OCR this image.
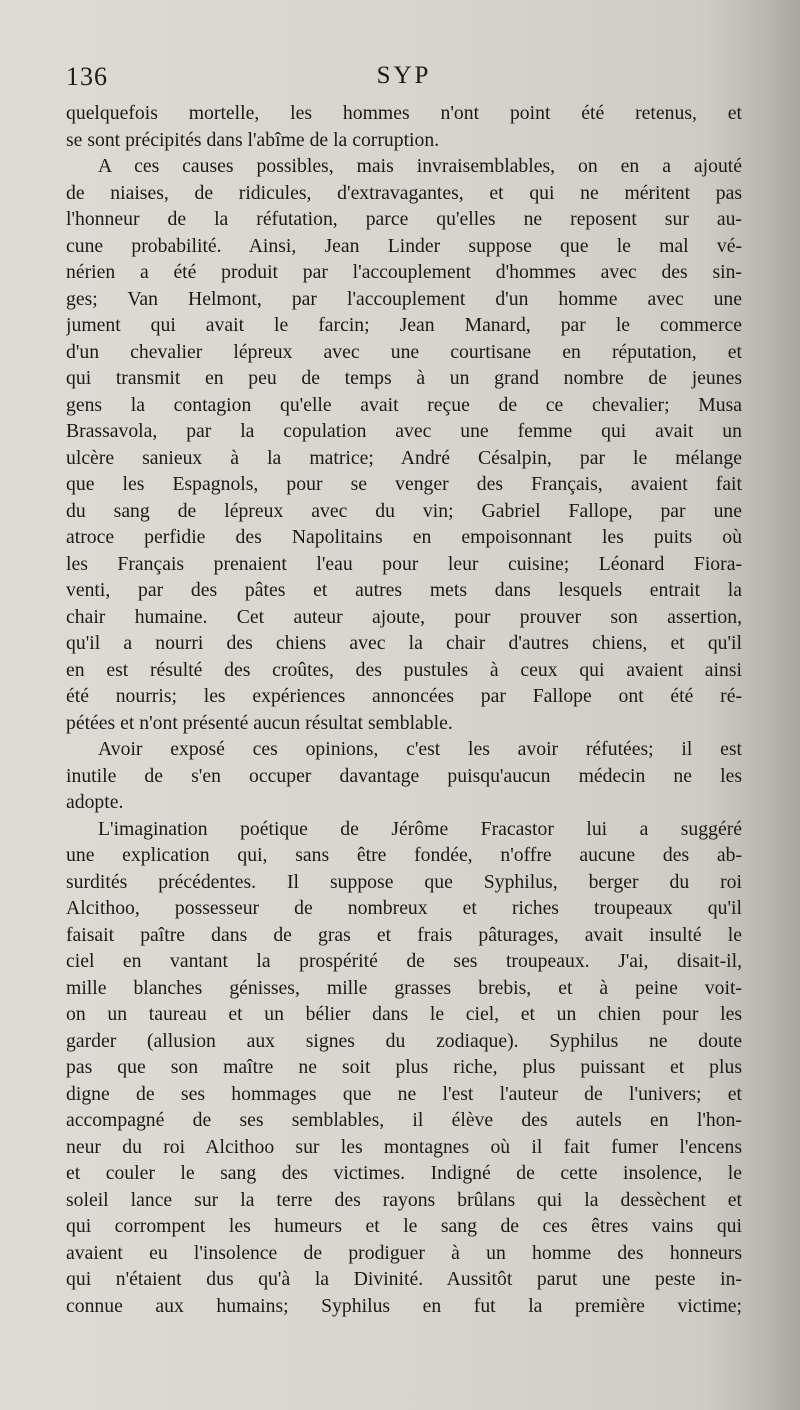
136	SYP
quelquefois mortelle, les hommes n'ont point été retenus, et
se sont précipités dans l'abîme de la corruption.
A ces causes possibles, mais invraisemblables, on en a ajouté
de niaises, de ridicules, d'extravagantes, et qui ne méritent pas
l'honneur de la réfutation, parce qu'elles ne reposent sur au-
cune probabilité. Ainsi, Jean Linder suppose que le mal vé-
nérien a été produit par l'accouplement d'hommes avec des sin-
ges; Van Helmont, par l'accouplement d'un homme avec une
jument qui avait le farcin; Jean Manard, par le commerce
d'un chevalier lépreux avec une courtisane en réputation, et
qui transmit en peu de temps à un grand nombre de jeunes
gens la contagion qu'elle avait reçue de ce chevalier; Musa
Brassavola, par la copulation avec une femme qui avait un
ulcère sanieux à la matrice; André Césalpin, par le mélange
que les Espagnols, pour se venger des Français, avaient fait
du sang de lépreux avec du vin; Gabriel Fallope, par une
atroce perfidie des Napolitains en empoisonnant les puits où
les Français prenaient l'eau pour leur cuisine; Léonard Fiora-
venti, par des pâtes et autres mets dans lesquels entrait la
chair humaine. Cet auteur ajoute, pour prouver son assertion,
qu'il a nourri des chiens avec la chair d'autres chiens, et qu'il
en est résulté des croûtes, des pustules à ceux qui avaient ainsi
été nourris; les expériences annoncées par Fallope ont été ré-
pétées et n'ont présenté aucun résultat semblable.
Avoir exposé ces opinions, c'est les avoir réfutées; il est
inutile de s'en occuper davantage puisqu'aucun médecin ne les
adopte.
L'imagination poétique de Jérôme Fracastor lui a suggéré
une explication qui, sans être fondée, n'offre aucune des ab-
surdités précédentes. Il suppose que Syphilus, berger du roi
Alcithoo, possesseur de nombreux et riches troupeaux qu'il
faisait paître dans de gras et frais pâturages, avait insulté le
ciel en vantant la prospérité de ses troupeaux. J'ai, disait-il,
mille blanches génisses, mille grasses brebis, et à peine voit-
on un taureau et un bélier dans le ciel, et un chien pour les
garder (allusion aux signes du zodiaque). Syphilus ne doute
pas que son maître ne soit plus riche, plus puissant et plus
digne de ses hommages que ne l'est l'auteur de l'univers; et
accompagné de ses semblables, il élève des autels en l'hon-
neur du roi Alcithoo sur les montagnes où il fait fumer l'encens
et couler le sang des victimes. Indigné de cette insolence, le
soleil lance sur la terre des rayons brûlans qui la dessèchent et
qui corrompent les humeurs et le sang de ces êtres vains qui
avaient eu l'insolence de prodiguer à un homme des honneurs
qui n'étaient dus qu'à la Divinité. Aussitôt parut une peste in-
connue aux humains; Syphilus en fut la première victime;
